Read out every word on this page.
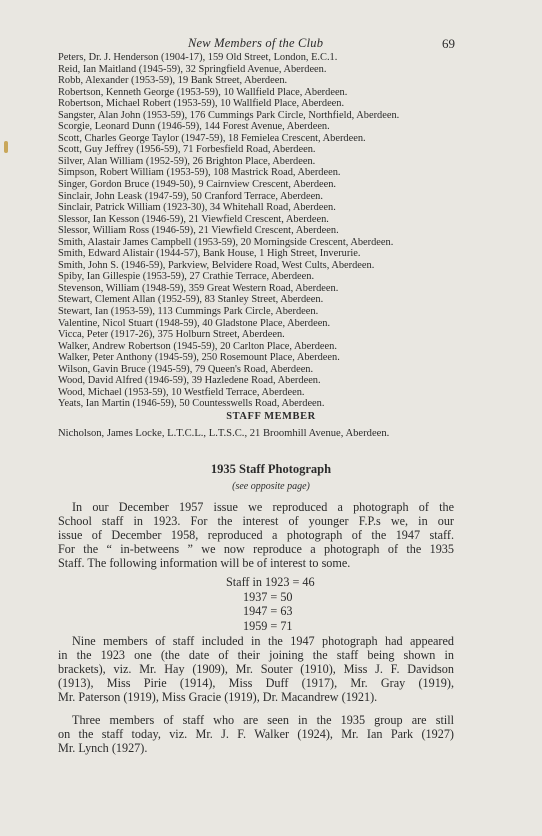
New Members of the Club	69
Peters, Dr. J. Henderson (1904-17), 159 Old Street, London, E.C.1.
Reid, Ian Maitland (1945-59), 32 Springfield Avenue, Aberdeen.
Robb, Alexander (1953-59), 19 Bank Street, Aberdeen.
Robertson, Kenneth George (1953-59), 10 Wallfield Place, Aberdeen.
Robertson, Michael Robert (1953-59), 10 Wallfield Place, Aberdeen.
Sangster, Alan John (1953-59), 176 Cummings Park Circle, Northfield, Aberdeen.
Scorgie, Leonard Dunn (1946-59), 144 Forest Avenue, Aberdeen.
Scott, Charles George Taylor (1947-59), 18 Femielea Crescent, Aberdeen.
Scott, Guy Jeffrey (1956-59), 71 Forbesfield Road, Aberdeen.
Silver, Alan William (1952-59), 26 Brighton Place, Aberdeen.
Simpson, Robert William (1953-59), 108 Mastrick Road, Aberdeen.
Singer, Gordon Bruce (1949-50), 9 Cairnview Crescent, Aberdeen.
Sinclair, John Leask (1947-59), 50 Cranford Terrace, Aberdeen.
Sinclair, Patrick William (1923-30), 34 Whitehall Road, Aberdeen.
Slessor, Ian Kesson (1946-59), 21 Viewfield Crescent, Aberdeen.
Slessor, William Ross (1946-59), 21 Viewfield Crescent, Aberdeen.
Smith, Alastair James Campbell (1953-59), 20 Morningside Crescent, Aberdeen.
Smith, Edward Alistair (1944-57), Bank House, 1 High Street, Inverurie.
Smith, John S. (1946-59), Parkview, Belvidere Road, West Cults, Aberdeen.
Spiby, Ian Gillespie (1953-59), 27 Crathie Terrace, Aberdeen.
Stevenson, William (1948-59), 359 Great Western Road, Aberdeen.
Stewart, Clement Allan (1952-59), 83 Stanley Street, Aberdeen.
Stewart, Ian (1953-59), 113 Cummings Park Circle, Aberdeen.
Valentine, Nicol Stuart (1948-59), 40 Gladstone Place, Aberdeen.
Vicca, Peter (1917-26), 375 Holburn Street, Aberdeen.
Walker, Andrew Robertson (1945-59), 20 Carlton Place, Aberdeen.
Walker, Peter Anthony (1945-59), 250 Rosemount Place, Aberdeen.
Wilson, Gavin Bruce (1945-59), 79 Queen's Road, Aberdeen.
Wood, David Alfred (1946-59), 39 Hazledene Road, Aberdeen.
Wood, Michael (1953-59), 10 Westfield Terrace, Aberdeen.
Yeats, Ian Martin (1946-59), 50 Countesswells Road, Aberdeen.
STAFF MEMBER
Nicholson, James Locke, L.T.C.L., L.T.S.C., 21 Broomhill Avenue, Aberdeen.
1935 Staff Photograph
(see opposite page)

In our December 1957 issue we reproduced a photograph of the
School staff in 1923. For the interest of younger F.P.s we, in our
issue of December 1958, reproduced a photograph of the 1947 staff.
For the “ in-betweens ” we now reproduce a photograph of the 1935
Staff. The following information will be of interest to some.

Staff in 1923 = 46
1937 = 50
1947 = 63
1959 = 71

Nine members of staff included in the 1947 photograph had appeared
in the 1923 one (the date of their joining the staff being shown in
brackets), viz. Mr. Hay (1909), Mr. Souter (1910), Miss J. F. Davidson
(1913), Miss Pirie (1914), Miss Duff (1917), Mr. Gray (1919),
Mr. Paterson (1919), Miss Gracie (1919), Dr. Macandrew (1921).

Three members of staff who are seen in the 1935 group are still
on the staff today, viz. Mr. J. F. Walker (1924), Mr. Ian Park (1927)
Mr. Lynch (1927).
